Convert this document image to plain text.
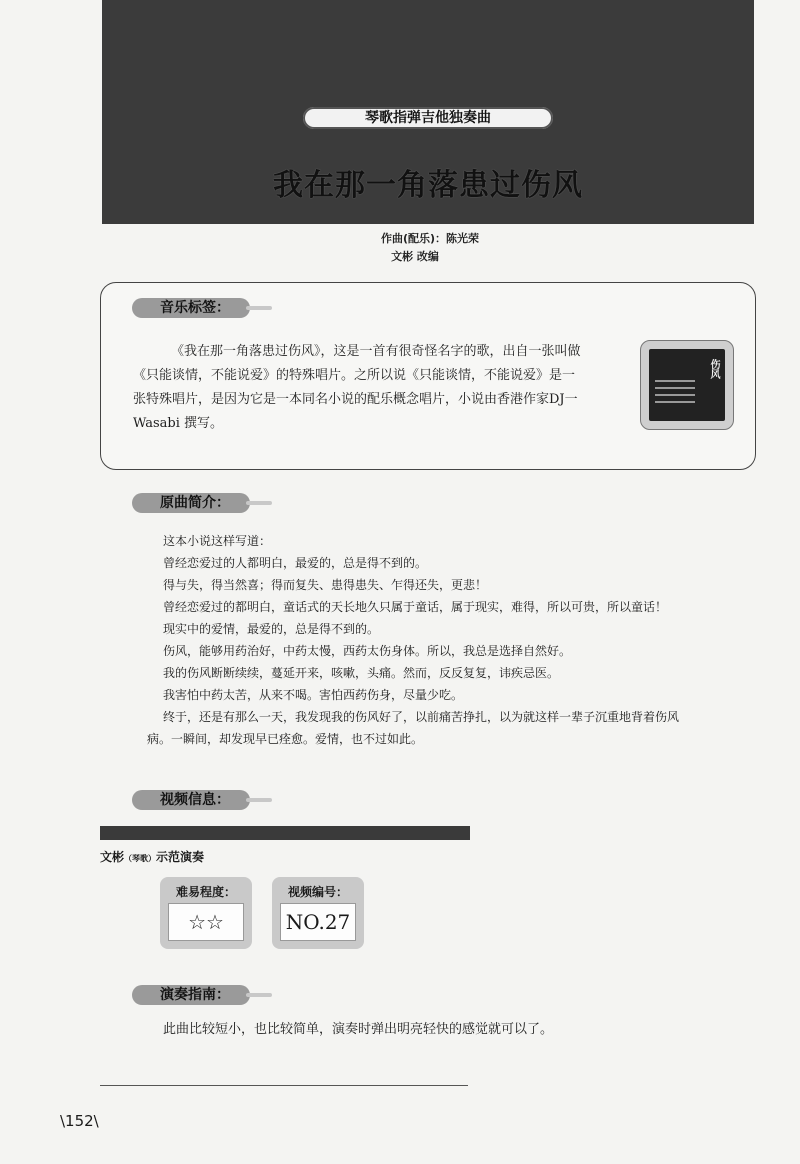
琴歌指弹吉他独奏曲
我在那一角落患过伤风
作曲(配乐)：陈光荣
文彬 改编
音乐标签：
《我在那一角落患过伤风》，这是一首有很奇怪名字的歌，出自一张叫做
《只能谈情，不能说爱》的特殊唱片。之所以说《只能谈情，不能说爱》是一
张特殊唱片，是因为它是一本同名小说的配乐概念唱片，小说由香港作家DJ一
Wasabi 撰写。
伤风
原曲简介：

这本小说这样写道：

曾经恋爱过的人都明白，最爱的，总是得不到的。

得与失，得当然喜；得而复失、患得患失、乍得还失，更悲！

曾经恋爱过的都明白，童话式的天长地久只属于童话，属于现实，难得，所以可贵，所以童话！

现实中的爱情，最爱的，总是得不到的。

伤风，能够用药治好，中药太慢，西药太伤身体。所以，我总是选择自然好。

我的伤风断断续续，蔓延开来，咳嗽，头痛。然而，反反复复，讳疾忌医。

我害怕中药太苦，从来不喝。害怕西药伤身，尽量少吃。

终于，还是有那么一天，我发现我的伤风好了，以前痛苦挣扎，以为就这样一辈子沉重地背着伤风

病。一瞬间，却发现早已痊愈。爱情，也不过如此。

视频信息：
文彬（琴歌）示范演奏
难易程度：
☆☆
视频编号：
NO.27
演奏指南：
此曲比较短小，也比较简单，演奏时弹出明亮轻快的感觉就可以了。
\152\
